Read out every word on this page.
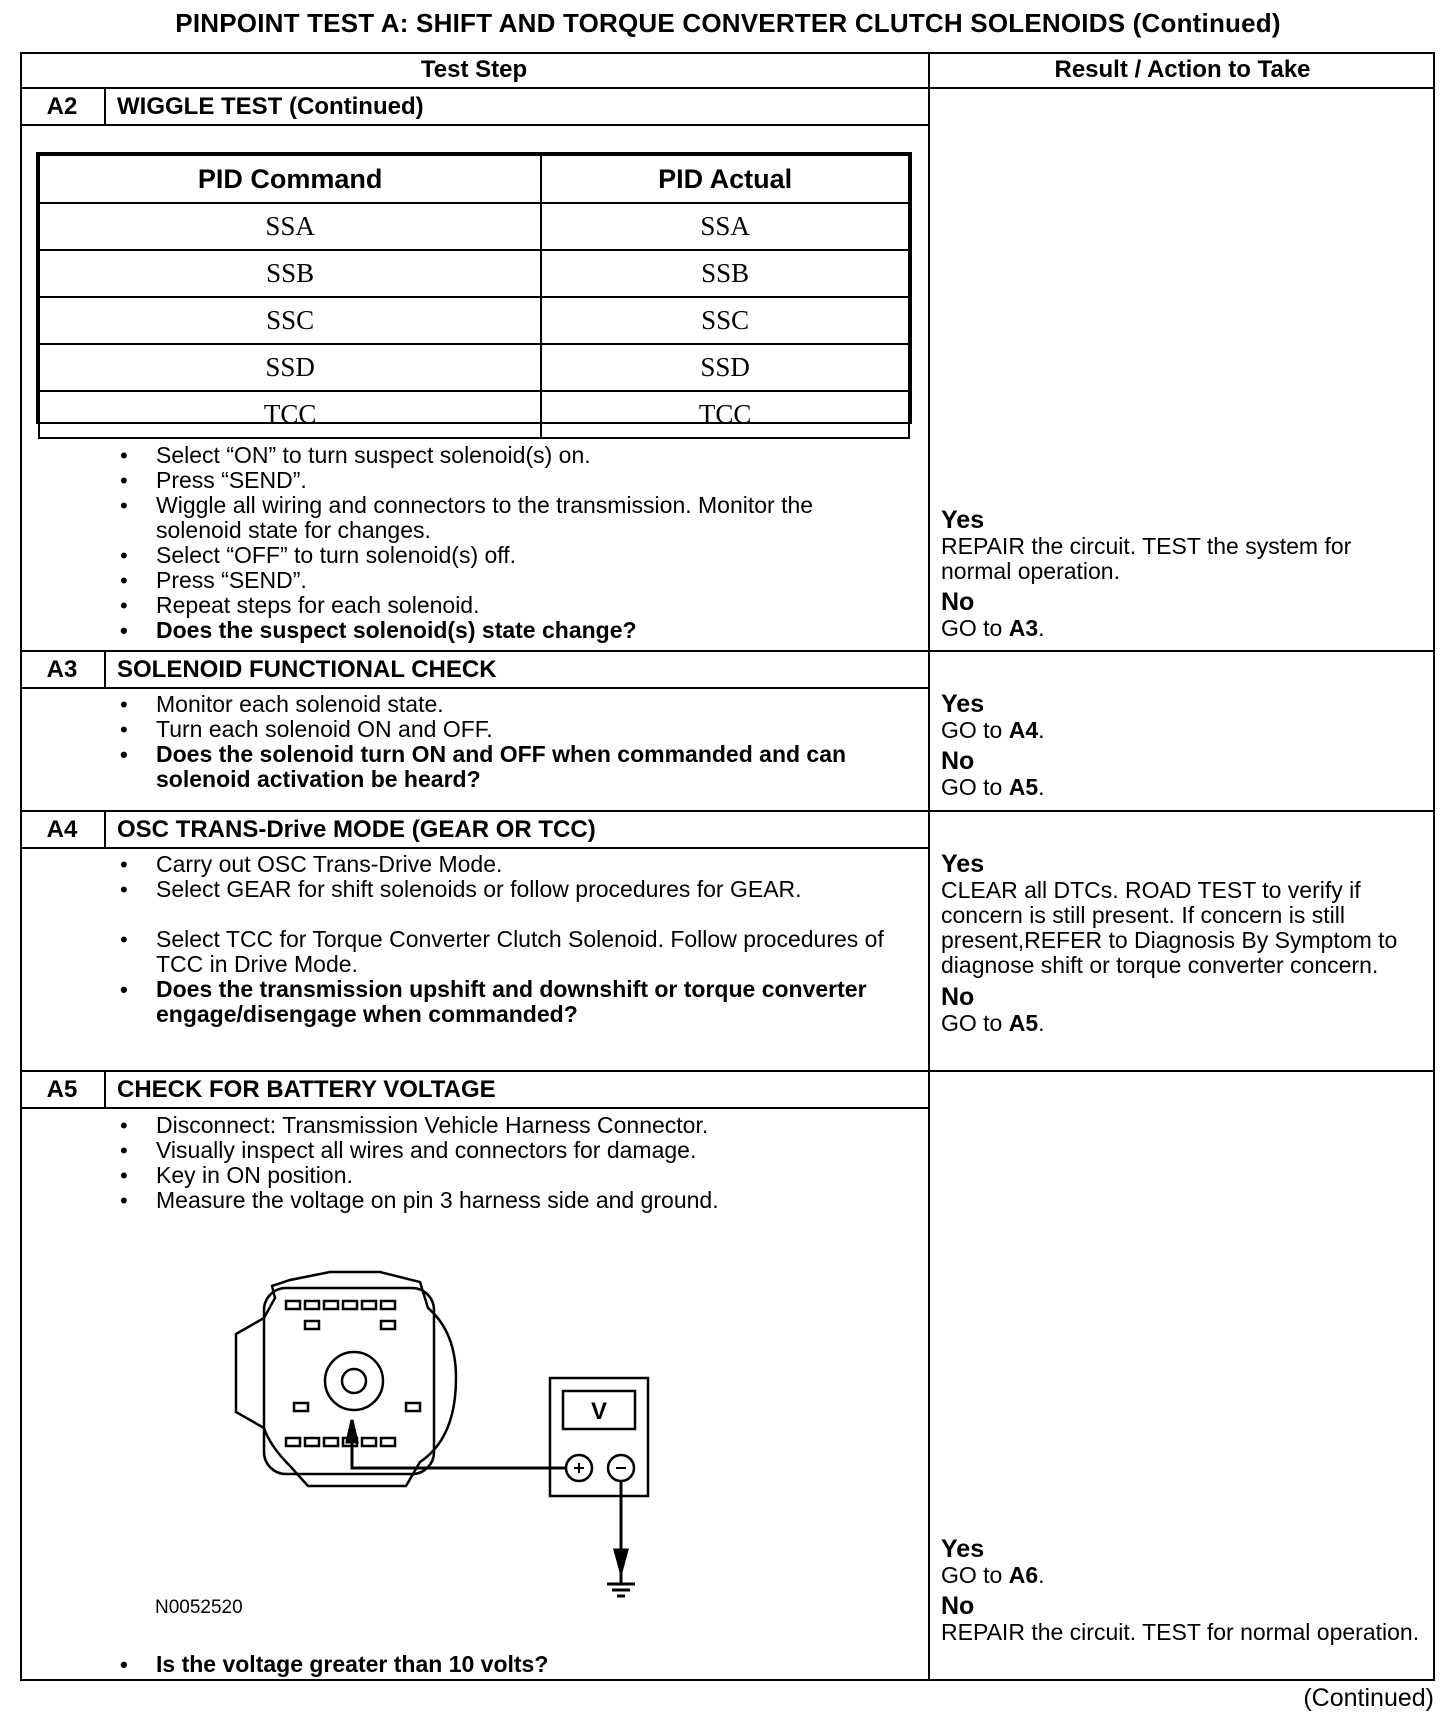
PINPOINT TEST A: SHIFT AND TORQUE CONVERTER CLUTCH SOLENOIDS (Continued)
Test Step	Result / Action to Take
A2	WIGGLE TEST (Continued)
PID Command	PID Actual
SSA	SSA
SSB	SSB
SSC	SSC
SSD	SSD
TCC	TCC
• Select “ON” to turn suspect solenoid(s) on.
• Press “SEND”.
• Wiggle all wiring and connectors to the transmission. Monitor the solenoid state for changes.
• Select “OFF” to turn solenoid(s) off.
• Press “SEND”.
• Repeat steps for each solenoid.
• Does the suspect solenoid(s) state change?
Yes
REPAIR the circuit. TEST the system for normal operation.
No
GO to A3.
A3	SOLENOID FUNCTIONAL CHECK
• Monitor each solenoid state.
• Turn each solenoid ON and OFF.
• Does the solenoid turn ON and OFF when commanded and can solenoid activation be heard?
Yes
GO to A4.
No
GO to A5.
A4	OSC TRANS-Drive MODE (GEAR OR TCC)
• Carry out OSC Trans-Drive Mode.
• Select GEAR for shift solenoids or follow procedures for GEAR.
• Select TCC for Torque Converter Clutch Solenoid. Follow procedures of TCC in Drive Mode.
• Does the transmission upshift and downshift or torque converter engage/disengage when commanded?
Yes
CLEAR all DTCs. ROAD TEST to verify if concern is still present. If concern is still present,REFER to Diagnosis By Symptom to diagnose shift or torque converter concern.
No
GO to A5.
A5	CHECK FOR BATTERY VOLTAGE
• Disconnect: Transmission Vehicle Harness Connector.
• Visually inspect all wires and connectors for damage.
• Key in ON position.
• Measure the voltage on pin 3 harness side and ground.
V
N0052520
• Is the voltage greater than 10 volts?
Yes
GO to A6.
No
REPAIR the circuit. TEST for normal operation.
(Continued)
